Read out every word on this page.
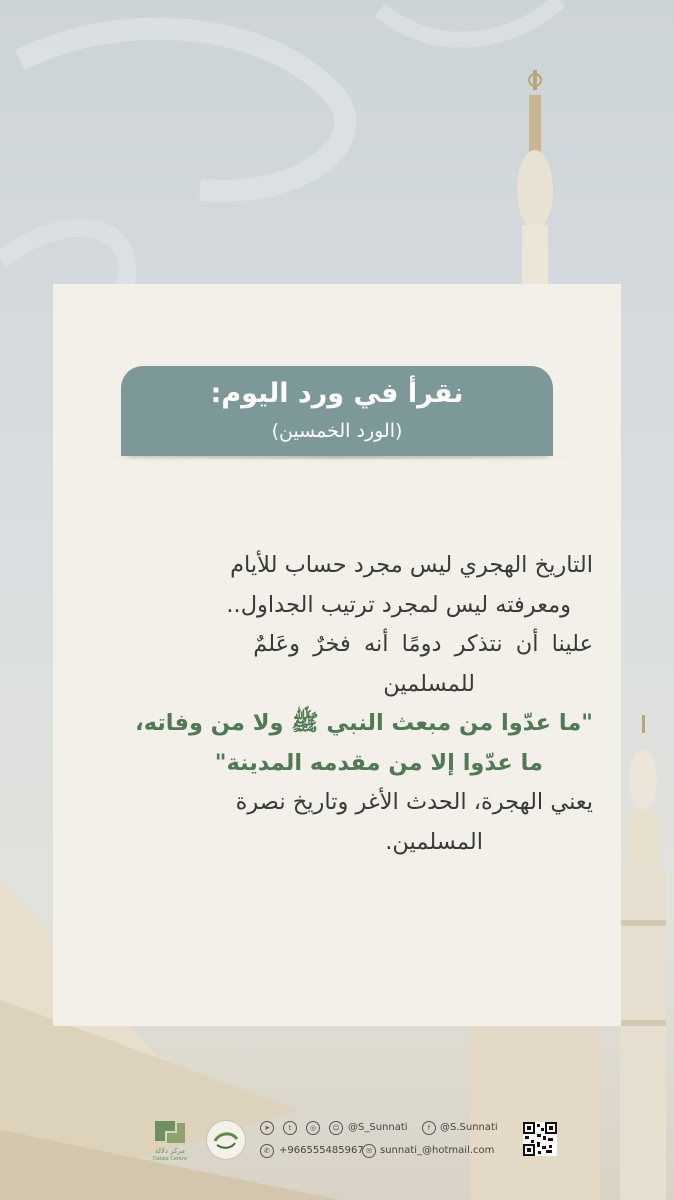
نقرأ في ورد اليوم:
(الورد الخمسين)
التاريخ الهجري ليس مجرد حساب للأيام
ومعرفته ليس لمجرد ترتيب الجداول..
علينا أن نتذكر دومًا أنه فخرٌ وعَلمٌ
للمسلمين
"ما عدّوا من مبعث النبي ﷺ ولا من وفاته،
ما عدّوا إلا من مقدمه المدينة"
يعني الهجرة، الحدث الأغر وتاريخ نصرة
المسلمين.
مركز دلالة
Dalala Centre
➤	t	◎	☺ @S_Sunnati	f @S.Sunnati
✆ +966555485967 ✉ sunnati_@hotmail.com
